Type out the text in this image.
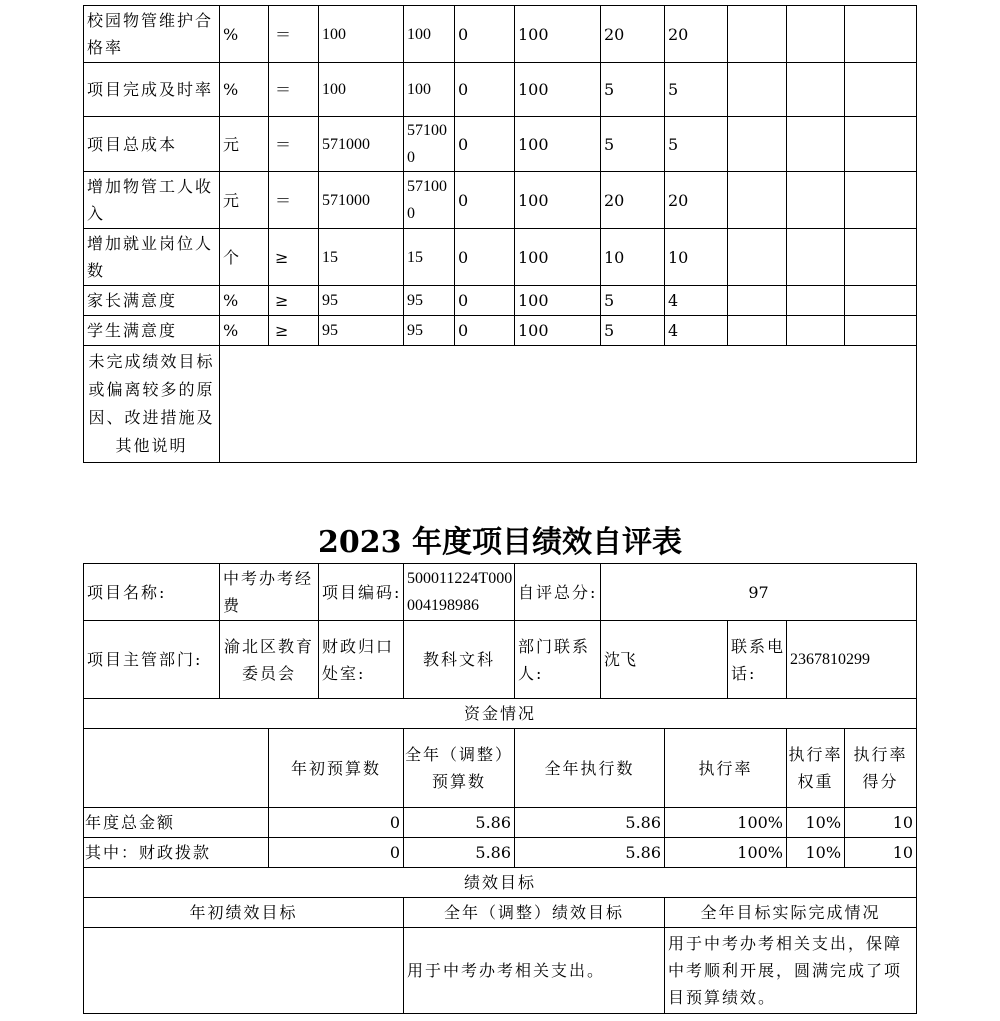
校园物管维护合格率	%	＝	100	100	0	100	20	20			
项目完成及时率	%	＝	100	100	0	100	5	5			
项目总成本	元	＝	571000	571000	0	100	5	5			
增加物管工人收入	元	＝	571000	571000	0	100	20	20			
增加就业岗位人数	个	≥	15	15	0	100	10	10			
家长满意度	%	≥	95	95	0	100	5	4			
学生满意度	%	≥	95	95	0	100	5	4			
未完成绩效目标或偏离较多的原因、改进措施及其他说明											
2023 年度项目绩效自评表
项目名称:	中考办考经费		项目编码:	500011224T000004198986	自评总分:	97				
项目主管部门:	渝北区教育委员会		财政归口处室:	教科文科	部门联系人:	沈飞		联系电话:	2367810299	
资金情况										
		年初预算数		全年（调整）预算数	全年执行数		执行率		执行率权重	执行率得分
年度总金额		0		5.86	5.86		100%		10%	10
其中：财政拨款		0		5.86	5.86		100%		10%	10
绩效目标										
年初绩效目标				全年（调整）绩效目标			全年目标实际完成情况			
				用于中考办考相关支出。			用于中考办考相关支出，保障中考顺利开展，圆满完成了项目预算绩效。			
